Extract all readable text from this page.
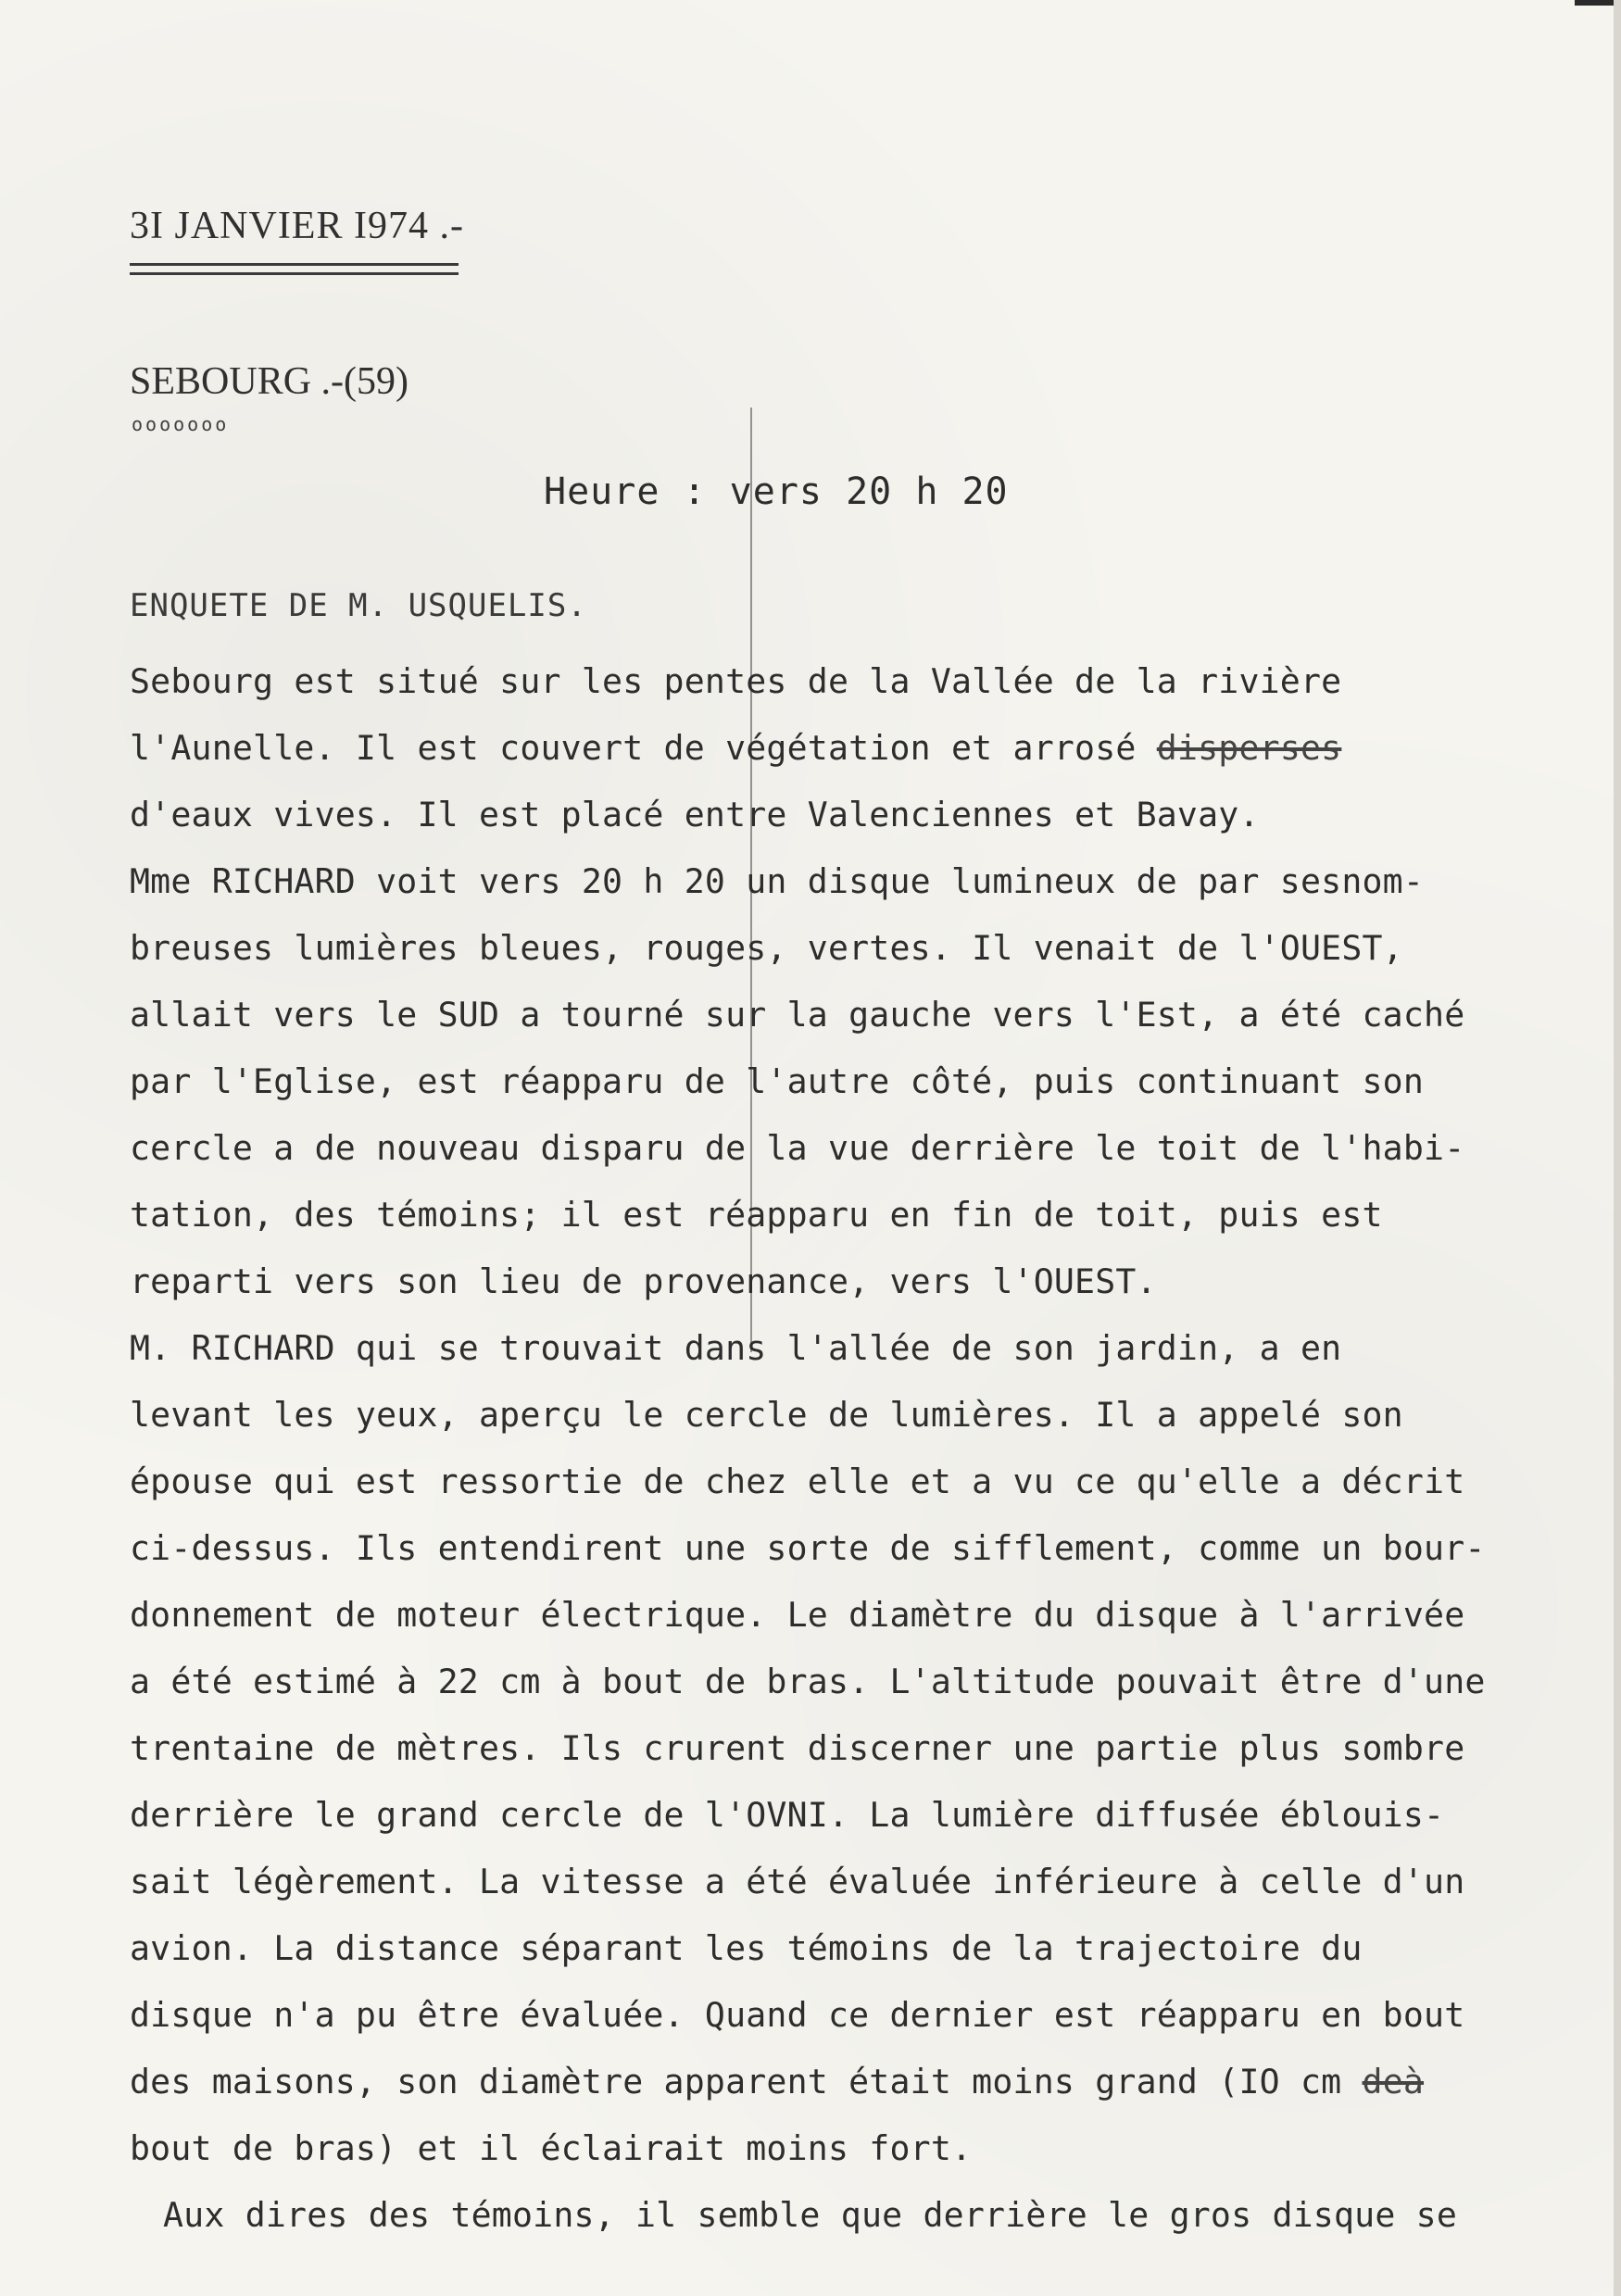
3I JANVIER I974 .-
SEBOURG .-(59)
ooooooo
Heure : vers 20 h 20
ENQUETE DE M. USQUELIS.
Sebourg est situé sur les pentes de la Vallée de la rivière
l'Aunelle. Il est couvert de végétation et arrosé disperses
d'eaux vives. Il est placé entre Valenciennes et Bavay.
Mme RICHARD voit vers 20 h 20 un disque lumineux de par sesnom-
breuses lumières bleues, rouges, vertes. Il venait de l'OUEST,
allait vers le SUD a tourné sur la gauche vers l'Est, a été caché
par l'Eglise, est réapparu de l'autre côté, puis continuant son
cercle a de nouveau disparu de la vue derrière le toit de l'habi-
tation, des témoins; il est réapparu en fin de toit, puis est
reparti vers son lieu de provenance, vers l'OUEST.
M. RICHARD qui se trouvait dans l'allée de son jardin, a en
levant les yeux, aperçu le cercle de lumières. Il a appelé son
épouse qui est ressortie de chez elle et a vu ce qu'elle a décrit
ci-dessus. Ils entendirent une sorte de sifflement, comme un bour-
donnement de moteur électrique. Le diamètre du disque à l'arrivée
a été estimé à 22 cm à bout de bras. L'altitude pouvait être d'une
trentaine de mètres. Ils crurent discerner une partie plus sombre
derrière le grand cercle de l'OVNI. La lumière diffusée éblouis-
sait légèrement. La vitesse a été évaluée inférieure à celle d'un
avion. La distance séparant les témoins de la trajectoire du
disque n'a pu être évaluée. Quand ce dernier est réapparu en bout
des maisons, son diamètre apparent était moins grand (IO cm deà
bout de bras) et il éclairait moins fort.
Aux dires des témoins, il semble que derrière le gros disque se
